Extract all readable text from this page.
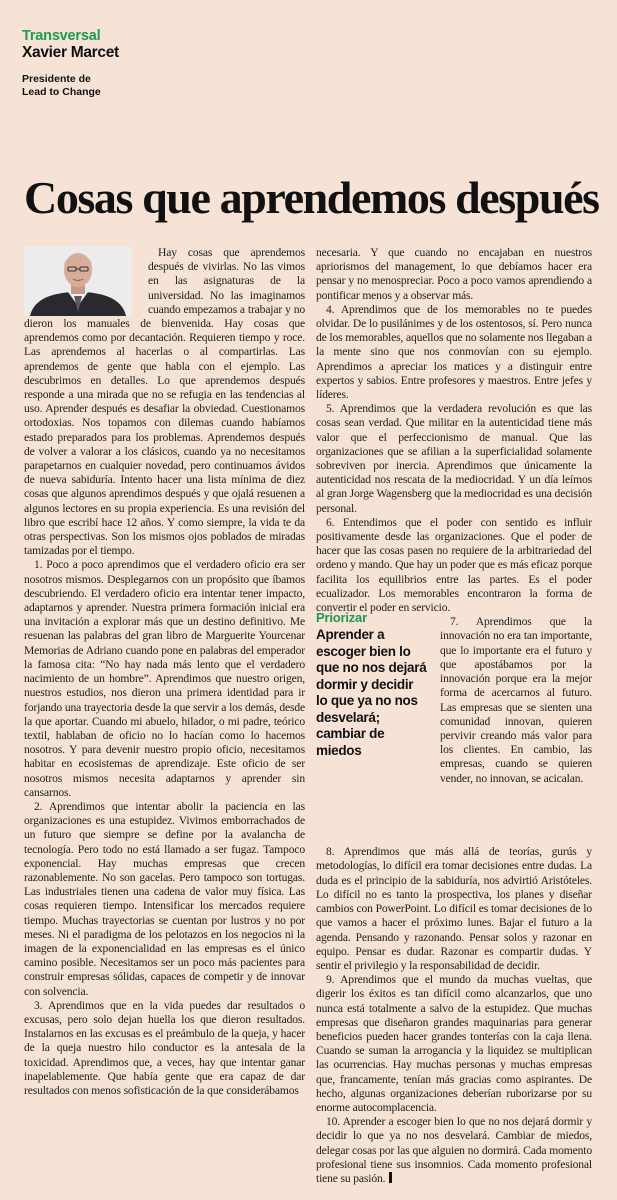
Transversal
Xavier Marcet
Presidente de
Lead to Change
Cosas que aprendemos después
Priorizar
Aprender a escoger bien lo que no nos dejará dormir y decidir lo que ya no nos desvelará; cambiar de miedos

Hay cosas que aprendemos después de vivirlas. No las vimos en las asignaturas de la universidad. No las imaginamos cuando empezamos a trabajar y no dieron los manuales de bienvenida. Hay cosas que aprendemos como por decantación. Requieren tiempo y roce. Las aprendemos al hacerlas o al compartirlas. Las aprendemos de gente que habla con el ejemplo. Las descubrimos en detalles. Lo que aprendemos después responde a una mirada que no se refugia en las tendencias al uso. Aprender después es desafiar la obviedad. Cuestionamos ortodoxias. Nos topamos con dilemas cuando habíamos estado preparados para los problemas. Aprendemos después de volver a valorar a los clásicos, cuando ya no necesitamos parapetarnos en cualquier novedad, pero continuamos ávidos de nueva sabiduría. Intento hacer una lista mínima de diez cosas que algunos aprendimos después y que ojalá resuenen a algunos lectores en su propia experiencia. Es una revisión del libro que escribí hace 12 años. Y como siempre, la vida te da otras perspectivas. Son los mismos ojos poblados de miradas tamizadas por el tiempo.

1. Poco a poco aprendimos que el verdadero oficio era ser nosotros mismos. Desplegarnos con un propósito que íbamos descubriendo. El verdadero oficio era intentar tener impacto, adaptarnos y aprender. Nuestra primera formación inicial era una invitación a explorar más que un destino definitivo. Me resuenan las palabras del gran libro de Marguerite Yourcenar Memorias de Adriano cuando pone en palabras del emperador la famosa cita: “No hay nada más lento que el verdadero nacimiento de un hombre”. Aprendimos que nuestro origen, nuestros estudios, nos dieron una primera identidad para ir forjando una trayectoria desde la que servir a los demás, desde la que aportar. Cuando mi abuelo, hilador, o mi padre, teórico textil, hablaban de oficio no lo hacían como lo hacemos nosotros. Y para devenir nuestro propio oficio, necesitamos habitar en ecosistemas de aprendizaje. Este oficio de ser nosotros mismos necesita adaptarnos y aprender sin cansarnos.

2. Aprendimos que intentar abolir la paciencia en las organizaciones es una estupidez. Vivimos emborrachados de un futuro que siempre se define por la avalancha de tecnología. Pero todo no está llamado a ser fugaz. Tampoco exponencial. Hay muchas empresas que crecen razonablemente. No son gacelas. Pero tampoco son tortugas. Las industriales tienen una cadena de valor muy física. Las cosas requieren tiempo. Intensificar los mercados requiere tiempo. Muchas trayectorias se cuentan por lustros y no por meses. Ni el paradigma de los pelotazos en los negocios ni la imagen de la exponencialidad en las empresas es el único camino posible. Necesitamos ser un poco más pacientes para construir empresas sólidas, capaces de competir y de innovar con solvencia.

3. Aprendimos que en la vida puedes dar resultados o excusas, pero solo dejan huella los que dieron resultados. Instalarnos en las excusas es el preámbulo de la queja, y hacer de la queja nuestro hilo conductor es la antesala de la toxicidad. Aprendimos que, a veces, hay que intentar ganar inapelablemente. Que había gente que era capaz de dar resultados con menos sofisticación de la que considerábamos

necesaria. Y que cuando no encajaban en nuestros apriorismos del management, lo que debíamos hacer era pensar y no menospreciar. Poco a poco vamos aprendiendo a pontificar menos y a observar más.

4. Aprendimos que de los memorables no te puedes olvidar. De lo pusilánimes y de los ostentosos, sí. Pero nunca de los memorables, aquellos que no solamente nos llegaban a la mente sino que nos conmovían con su ejemplo. Aprendimos a apreciar los matices y a distinguir entre expertos y sabios. Entre profesores y maestros. Entre jefes y líderes.

5. Aprendimos que la verdadera revolución es que las cosas sean verdad. Que militar en la autenticidad tiene más valor que el perfeccionismo de manual. Que las organizaciones que se afilian a la superficialidad solamente sobreviven por inercia. Aprendimos que únicamente la autenticidad nos rescata de la mediocridad. Y un día leímos al gran Jorge Wagensberg que la mediocridad es una decisión personal.

6. Entendimos que el poder con sentido es influir positivamente desde las organizaciones. Que el poder de hacer que las cosas pasen no requiere de la arbitrariedad del ordeno y mando. Que hay un poder que es más eficaz porque facilita los equilibrios entre las partes. Es el poder ecualizador. Los memorables encontraron la forma de convertir el poder en servicio.

7. Aprendimos que la innovación no era tan importante, que lo importante era el futuro y que apostábamos por la innovación porque era la mejor forma de acercarnos al futuro. Las empresas que se sienten una comunidad innovan, quieren pervivir creando más valor para los clientes. En cambio, las empresas, cuando se quieren vender, no innovan, se acicalan.

8. Aprendimos que más allá de teorías, gurús y metodologías, lo difícil era tomar decisiones entre dudas. La duda es el principio de la sabiduría, nos advirtió Aristóteles. Lo difícil no es tanto la prospectiva, los planes y diseñar cambios con PowerPoint. Lo difícil es tomar decisiones de lo que vamos a hacer el próximo lunes. Bajar el futuro a la agenda. Pensando y razonando. Pensar solos y razonar en equipo. Pensar es dudar. Razonar es compartir dudas. Y sentir el privilegio y la responsabilidad de decidir.

9. Aprendimos que el mundo da muchas vueltas, que digerir los éxitos es tan difícil como alcanzarlos, que uno nunca está totalmente a salvo de la estupidez. Que muchas empresas que diseñaron grandes maquinarias para generar beneficios pueden hacer grandes tonterías con la caja llena. Cuando se suman la arrogancia y la liquidez se multiplican las ocurrencias. Hay muchas personas y muchas empresas que, francamente, tenían más gracias como aspirantes. De hecho, algunas organizaciones deberían ruborizarse por su enorme autocomplacencia.

10. Aprender a escoger bien lo que no nos dejará dormir y decidir lo que ya no nos desvelará. Cambiar de miedos, delegar cosas por las que alguien no dormirá. Cada momento profesional tiene sus insomnios. Cada momento profesional tiene su pasión.
